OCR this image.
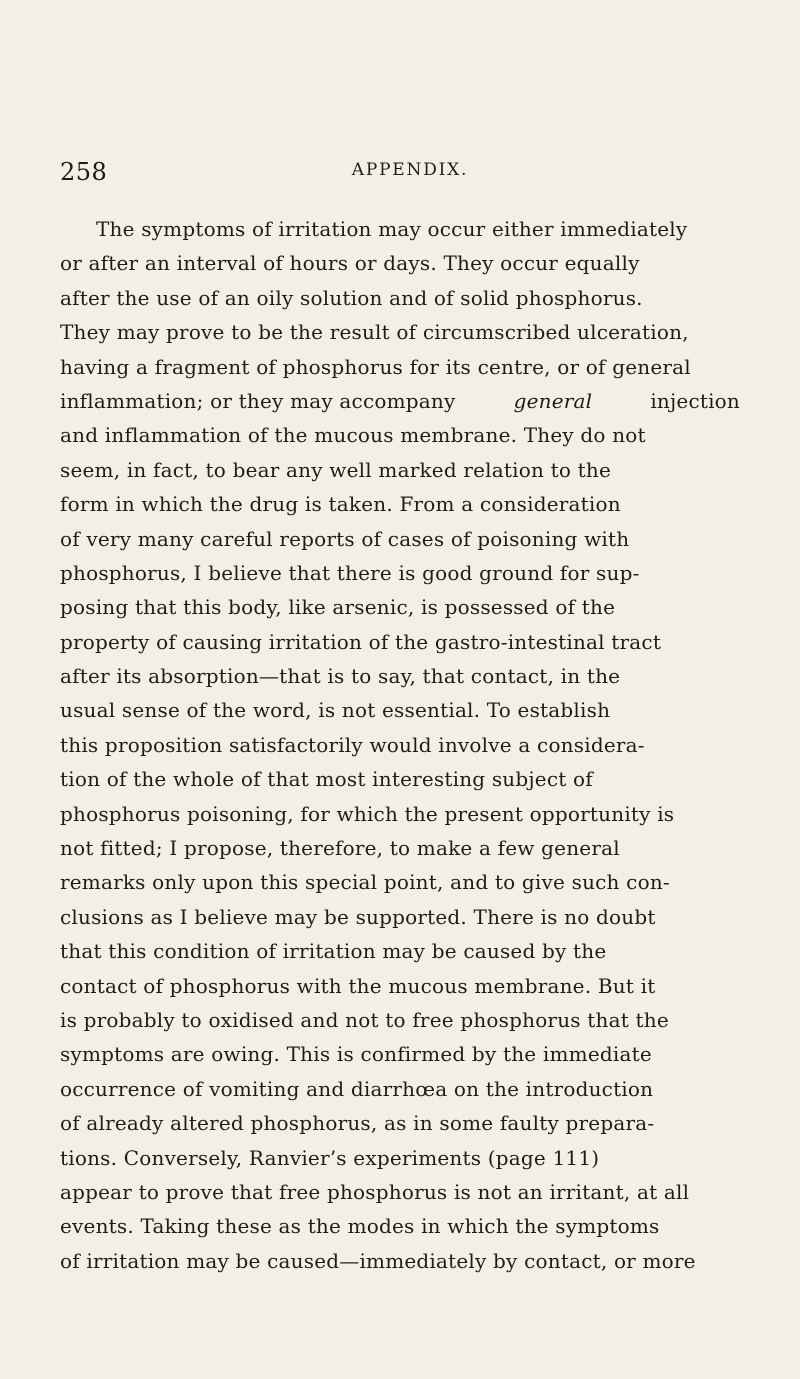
258	APPENDIX.
The symptoms of irritation may occur either immediately
or after an interval of hours or days. They occur equally
after the use of an oily solution and of solid phosphorus.
They may prove to be the result of circumscribed ulceration,
having a fragment of phosphorus for its centre, or of general
inflammation; or they may accompany	general	injection
and inflammation of the mucous membrane. They do not
seem, in fact, to bear any well marked relation to the
form in which the drug is taken. From a consideration
of very many careful reports of cases of poisoning with
phosphorus, I believe that there is good ground for sup-
posing that this body, like arsenic, is possessed of the
property of causing irritation of the gastro-intestinal tract
after its absorption—that is to say, that contact, in the
usual sense of the word, is not essential. To establish
this proposition satisfactorily would involve a considera-
tion of the whole of that most interesting subject of
phosphorus poisoning, for which the present opportunity is
not fitted; I propose, therefore, to make a few general
remarks only upon this special point, and to give such con-
clusions as I believe may be supported. There is no doubt
that this condition of irritation may be caused by the
contact of phosphorus with the mucous membrane. But it
is probably to oxidised and not to free phosphorus that the
symptoms are owing. This is confirmed by the immediate
occurrence of vomiting and diarrhœa on the introduction
of already altered phosphorus, as in some faulty prepara-
tions. Conversely, Ranvier’s experiments (page 111)
appear to prove that free phosphorus is not an irritant, at all
events. Taking these as the modes in which the symptoms
of irritation may be caused—immediately by contact, or more
